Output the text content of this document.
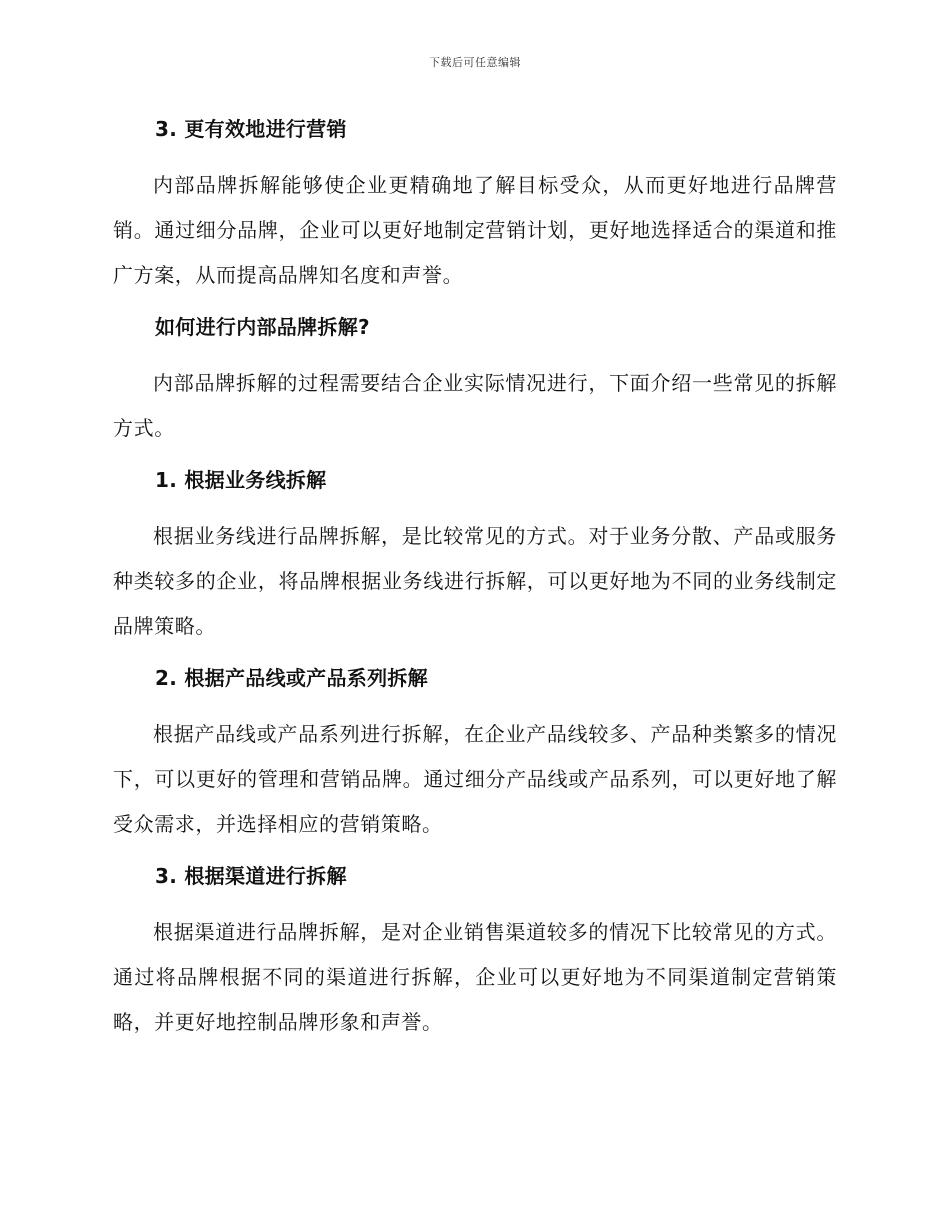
下载后可任意编辑
3. 更有效地进行营销

内部品牌拆解能够使企业更精确地了解目标受众，从而更好地进行品牌营销。通过细分品牌，企业可以更好地制定营销计划，更好地选择适合的渠道和推广方案，从而提高品牌知名度和声誉。

如何进行内部品牌拆解?

内部品牌拆解的过程需要结合企业实际情况进行，下面介绍一些常见的拆解方式。

1. 根据业务线拆解

根据业务线进行品牌拆解，是比较常见的方式。对于业务分散、产品或服务种类较多的企业，将品牌根据业务线进行拆解，可以更好地为不同的业务线制定品牌策略。

2. 根据产品线或产品系列拆解

根据产品线或产品系列进行拆解，在企业产品线较多、产品种类繁多的情况下，可以更好的管理和营销品牌。通过细分产品线或产品系列，可以更好地了解受众需求，并选择相应的营销策略。

3. 根据渠道进行拆解

根据渠道进行品牌拆解，是对企业销售渠道较多的情况下比较常见的方式。通过将品牌根据不同的渠道进行拆解，企业可以更好地为不同渠道制定营销策略，并更好地控制品牌形象和声誉。
